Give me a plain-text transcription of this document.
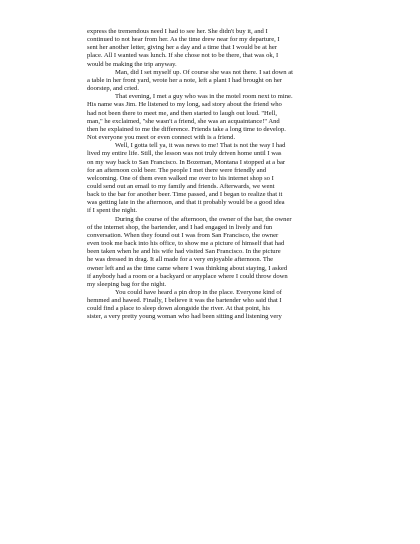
express the tremendous need I had to see her. She didn't buy it, and I
continued to not hear from her. As the time drew near for my departure, I
sent her another letter, giving her a day and a time that I would be at her
place. All I wanted was lunch. If she chose not to be there, that was ok, I
would be making the trip anyway.
Man, did I set myself up. Of course she was not there. I sat down at
a table in her front yard, wrote her a note, left a plant I had brought on her
doorstep, and cried.
That evening, I met a guy who was in the motel room next to mine.
His name was Jim. He listened to my long, sad story about the friend who
had not been there to meet me, and then started to laugh out loud. "Hell,
man," he exclaimed, "she wasn't a friend, she was an acquaintance!" And
then he explained to me the difference. Friends take a long time to develop.
Not everyone you meet or even connect with is a friend.
Well, I gotta tell ya, it was news to me! That is not the way I had
lived my entire life. Still, the lesson was not truly driven home until I was
on my way back to San Francisco. In Bozeman, Montana I stopped at a bar
for an afternoon cold beer. The people I met there were friendly and
welcoming. One of them even walked me over to his internet shop so I
could send out an email to my family and friends. Afterwards, we went
back to the bar for another beer. Time passed, and I began to realize that it
was getting late in the afternoon, and that it probably would be a good idea
if I spent the night.
During the course of the afternoon, the owner of the bar, the owner
of the internet shop, the bartender, and I had engaged in lively and fun
conversation. When they found out I was from San Francisco, the owner
even took me back into his office, to show me a picture of himself that had
been taken when he and his wife had visited San Francisco. In the picture
he was dressed in drag. It all made for a very enjoyable afternoon. The
owner left and as the time came where I was thinking about staying, I asked
if anybody had a room or a backyard or anyplace where I could throw down
my sleeping bag for the night.
You could have heard a pin drop in the place. Everyone kind of
hemmed and hawed. Finally, I believe it was the bartender who said that I
could find a place to sleep down alongside the river. At that point, his
sister, a very pretty young woman who had been sitting and listening very
